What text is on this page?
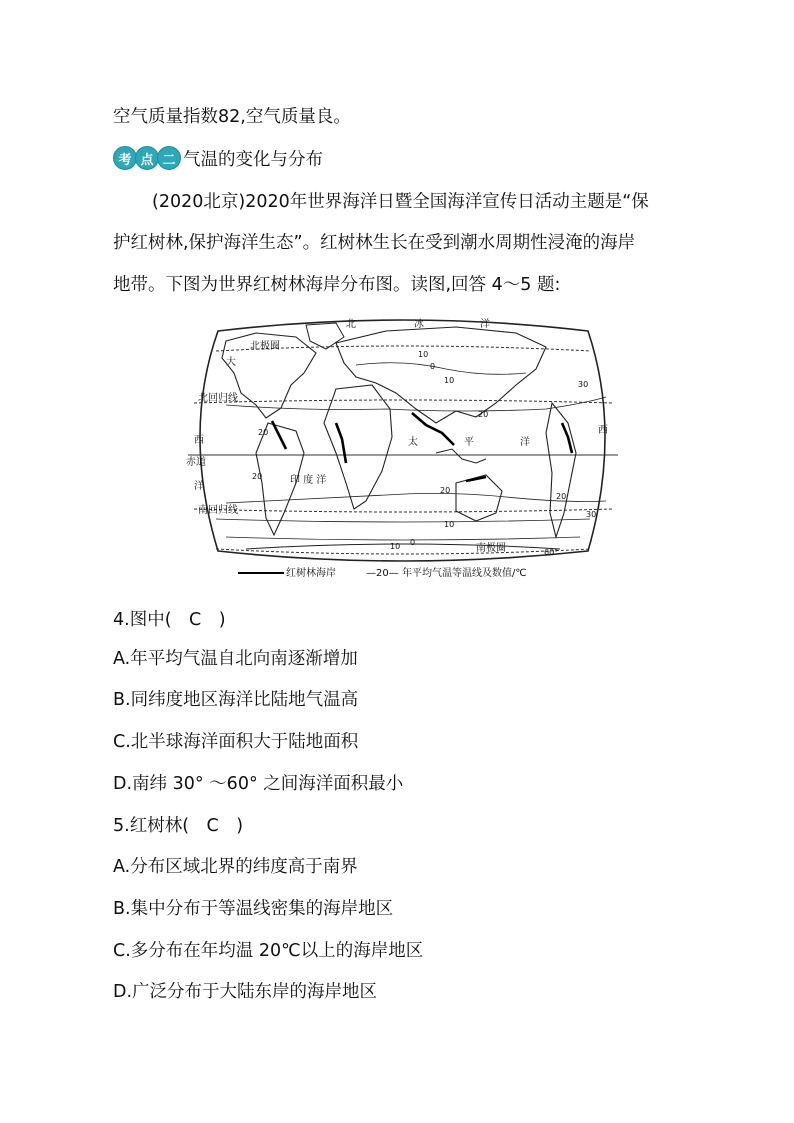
空气质量指数82,空气质量良。
考 点 二 气温的变化与分布
(2020北京)2020年世界海洋日暨全国海洋宣传日活动主题是“保
护红树林,保护海洋生态”。红树林生长在受到潮水周期性浸淹的海岸
地带。下图为世界红树林海岸分布图。读图,回答 4～5 题:
北	冰	洋
北极圈
大
北回归线
西
赤道
洋
南回归线
印 度 洋
太	平	洋
西
南极圈
10
0
10
20
20
30
20
20
20
10
0
10
30
60°
红树林海岸	—20— 年平均气温等温线及数值/℃
4.图中(　C　)
A.年平均气温自北向南逐渐增加
B.同纬度地区海洋比陆地气温高
C.北半球海洋面积大于陆地面积
D.南纬 30° ～60° 之间海洋面积最小
5.红树林(　C　)
A.分布区域北界的纬度高于南界
B.集中分布于等温线密集的海岸地区
C.多分布在年均温 20℃以上的海岸地区
D.广泛分布于大陆东岸的海岸地区
